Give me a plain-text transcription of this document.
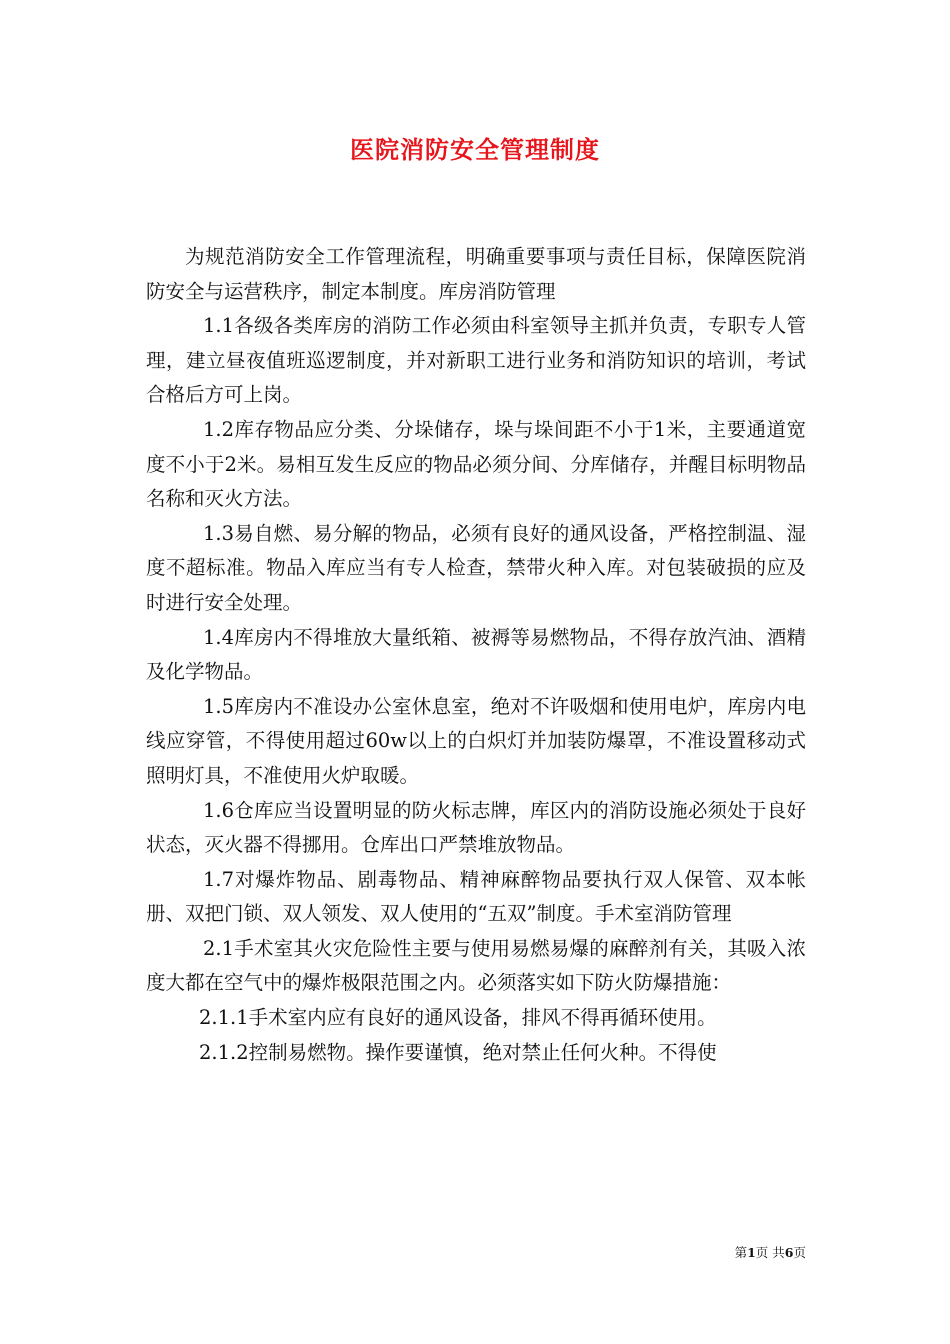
医院消防安全管理制度

为规范消防安全工作管理流程，明确重要事项与责任目标，保障医院消防安全与运营秩序，制定本制度。库房消防管理

1.1各级各类库房的消防工作必须由科室领导主抓并负责，专职专人管理，建立昼夜值班巡逻制度，并对新职工进行业务和消防知识的培训，考试合格后方可上岗。

1.2库存物品应分类、分垛储存，垛与垛间距不小于1米，主要通道宽度不小于2米。易相互发生反应的物品必须分间、分库储存，并醒目标明物品名称和灭火方法。

1.3易自燃、易分解的物品，必须有良好的通风设备，严格控制温、湿度不超标准。物品入库应当有专人检查，禁带火种入库。对包装破损的应及时进行安全处理。

1.4库房内不得堆放大量纸箱、被褥等易燃物品，不得存放汽油、酒精及化学物品。

1.5库房内不准设办公室休息室，绝对不许吸烟和使用电炉，库房内电线应穿管，不得使用超过60w以上的白炽灯并加装防爆罩，不准设置移动式照明灯具，不准使用火炉取暖。

1.6仓库应当设置明显的防火标志牌，库区内的消防设施必须处于良好状态，灭火器不得挪用。仓库出口严禁堆放物品。

1.7对爆炸物品、剧毒物品、精神麻醉物品要执行双人保管、双本帐册、双把门锁、双人领发、双人使用的“五双”制度。手术室消防管理

2.1手术室其火灾危险性主要与使用易燃易爆的麻醉剂有关，其吸入浓度大都在空气中的爆炸极限范围之内。必须落实如下防火防爆措施：

2.1.1手术室内应有良好的通风设备，排风不得再循环使用。

2.1.2控制易燃物。操作要谨慎，绝对禁止任何火种。不得使

第1页 共6页
